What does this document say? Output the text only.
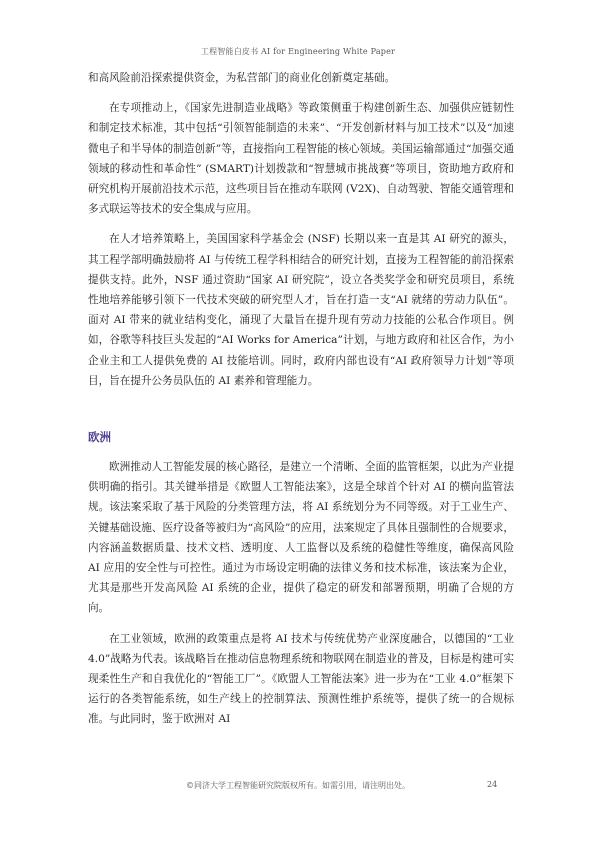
工程智能白皮书 AI for Engineering White Paper

和高风险前沿探索提供资金，为私营部门的商业化创新奠定基础。

在专项推动上，《国家先进制造业战略》等政策侧重于构建创新生态、加强供应链韧性和制定技术标准，其中包括“引领智能制造的未来”、“开发创新材料与加工技术”以及“加速微电子和半导体的制造创新”等，直接指向工程智能的核心领域。美国运输部通过“加强交通领域的移动性和革命性” (SMART)计划拨款和“智慧城市挑战赛”等项目，资助地方政府和研究机构开展前沿技术示范，这些项目旨在推动车联网 (V2X)、自动驾驶、智能交通管理和多式联运等技术的安全集成与应用。

在人才培养策略上，美国国家科学基金会 (NSF) 长期以来一直是其 AI 研究的源头，其工程学部明确鼓励将 AI 与传统工程学科相结合的研究计划，直接为工程智能的前沿探索提供支持。此外，NSF 通过资助“国家 AI 研究院”，设立各类奖学金和研究员项目，系统性地培养能够引领下一代技术突破的研究型人才，旨在打造一支“AI 就绪的劳动力队伍”。 面对 AI 带来的就业结构变化，涌现了大量旨在提升现有劳动力技能的公私合作项目。例如，谷歌等科技巨头发起的“AI Works for America”计划，与地方政府和社区合作，为小企业主和工人提供免费的 AI 技能培训。同时，政府内部也设有“AI 政府领导力计划”等项目，旨在提升公务员队伍的 AI 素养和管理能力。

欧洲

欧洲推动人工智能发展的核心路径，是建立一个清晰、全面的监管框架，以此为产业提供明确的指引。其关键举措是《欧盟人工智能法案》，这是全球首个针对 AI 的横向监管法规。该法案采取了基于风险的分类管理方法，将 AI 系统划分为不同等级。对于工业生产、关键基础设施、医疗设备等被归为“高风险”的应用，法案规定了具体且强制性的合规要求，内容涵盖数据质量、技术文档、透明度、人工监督以及系统的稳健性等维度，确保高风险 AI 应用的安全性与可控性。通过为市场设定明确的法律义务和技术标准，该法案为企业，尤其是那些开发高风险 AI 系统的企业，提供了稳定的研发和部署预期，明确了合规的方向。

在工业领域，欧洲的政策重点是将 AI 技术与传统优势产业深度融合，以德国的“工业 4.0”战略为代表。该战略旨在推动信息物理系统和物联网在制造业的普及，目标是构建可实现柔性生产和自我优化的“智能工厂”。《欧盟人工智能法案》进一步为在“工业 4.0”框架下运行的各类智能系统，如生产线上的控制算法、预测性维护系统等，提供了统一的合规标准。与此同时，鉴于欧洲对 AI

©同济大学工程智能研究院版权所有。如需引用，请注明出处。	24
